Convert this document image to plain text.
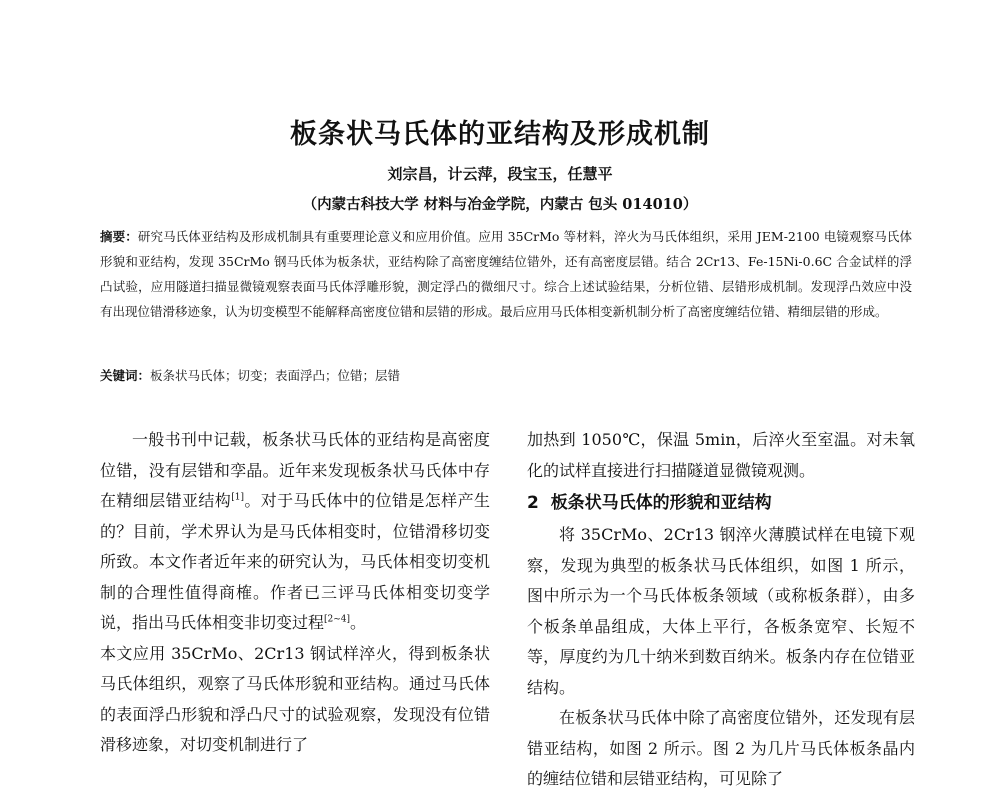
板条状马氏体的亚结构及形成机制

刘宗昌，计云萍，段宝玉，任慧平

（内蒙古科技大学 材料与冶金学院，内蒙古 包头 014010）

摘要：研究马氏体亚结构及形成机制具有重要理论意义和应用价值。应用 35CrMo 等材料，淬火为马氏体组织，采用 JEM-2100 电镜观察马氏体形貌和亚结构，发现 35CrMo 钢马氏体为板条状，亚结构除了高密度缠结位错外，还有高密度层错。结合 2Cr13、Fe-15Ni-0.6C 合金试样的浮凸试验，应用隧道扫描显微镜观察表面马氏体浮雕形貌，测定浮凸的微细尺寸。综合上述试验结果，分析位错、层错形成机制。发现浮凸效应中没有出现位错滑移迹象，认为切变模型不能解释高密度位错和层错的形成。最后应用马氏体相变新机制分析了高密度缠结位错、精细层错的形成。

关键词：板条状马氏体；切变；表面浮凸；位错；层错

一般书刊中记载，板条状马氏体的亚结构是高密度位错，没有层错和孪晶。近年来发现板条状马氏体中存在精细层错亚结构[1]。对于马氏体中的位错是怎样产生的？目前，学术界认为是马氏体相变时，位错滑移切变所致。本文作者近年来的研究认为，马氏体相变切变机制的合理性值得商榷。作者已三评马氏体相变切变学说，指出马氏体相变非切变过程[2~4]。

本文应用 35CrMo、2Cr13 钢试样淬火，得到板条状马氏体组织，观察了马氏体形貌和亚结构。通过马氏体的表面浮凸形貌和浮凸尺寸的试验观察，发现没有位错滑移迹象，对切变机制进行了

加热到 1050℃，保温 5min，后淬火至室温。对未氧化的试样直接进行扫描隧道显微镜观测。

2 板条状马氏体的形貌和亚结构

将 35CrMo、2Cr13 钢淬火薄膜试样在电镜下观察，发现为典型的板条状马氏体组织，如图 1 所示，图中所示为一个马氏体板条领域（或称板条群），由多个板条单晶组成，大体上平行，各板条宽窄、长短不等，厚度约为几十纳米到数百纳米。板条内存在位错亚结构。

在板条状马氏体中除了高密度位错外，还发现有层错亚结构，如图 2 所示。图 2 为几片马氏体板条晶内的缠结位错和层错亚结构，可见除了
